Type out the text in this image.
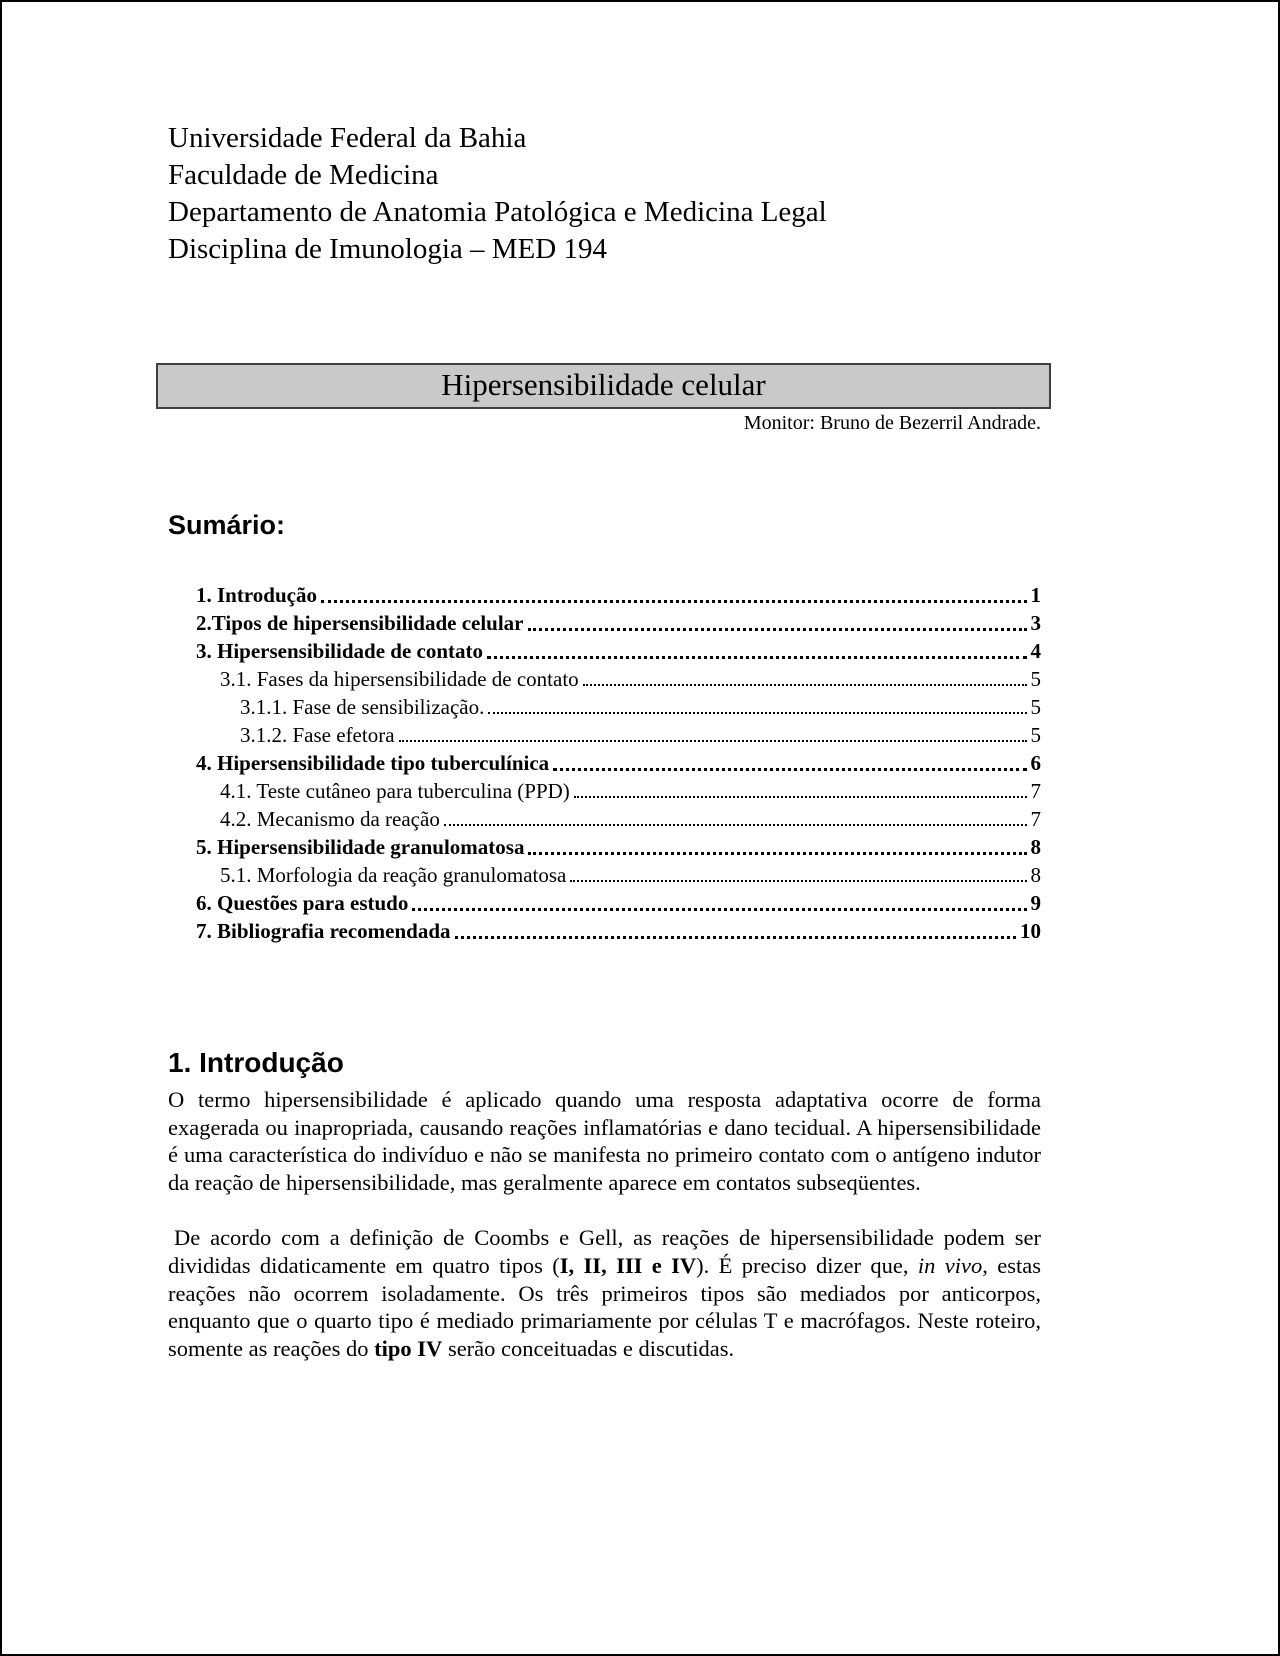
Universidade Federal da Bahia
Faculdade de Medicina
Departamento de Anatomia Patológica e Medicina Legal
Disciplina de Imunologia – MED 194
Hipersensibilidade celular
Monitor: Bruno de Bezerril Andrade.
Sumário:
1. Introdução	1
2.Tipos de hipersensibilidade celular	3
3. Hipersensibilidade de contato	4
3.1. Fases da hipersensibilidade de contato	5
3.1.1. Fase de sensibilização.	5
3.1.2. Fase efetora	5
4. Hipersensibilidade tipo tuberculínica	6
4.1. Teste cutâneo para tuberculina (PPD)	7
4.2. Mecanismo da reação	7
5. Hipersensibilidade granulomatosa	8
5.1. Morfologia da reação granulomatosa	8
6. Questões para estudo	9
7. Bibliografia recomendada	10
1. Introdução

O termo hipersensibilidade é aplicado quando uma resposta adaptativa ocorre de forma exagerada ou inapropriada, causando reações inflamatórias e dano tecidual. A hipersensibilidade é uma característica do indivíduo e não se manifesta no primeiro contato com o antígeno indutor da reação de hipersensibilidade, mas geralmente aparece em contatos subseqüentes.

De acordo com a definição de Coombs e Gell, as reações de hipersensibilidade podem ser divididas didaticamente em quatro tipos (I, II, III e IV). É preciso dizer que, in vivo, estas reações não ocorrem isoladamente. Os três primeiros tipos são mediados por anticorpos, enquanto que o quarto tipo é mediado primariamente por células T e macrófagos. Neste roteiro, somente as reações do tipo IV serão conceituadas e discutidas.
